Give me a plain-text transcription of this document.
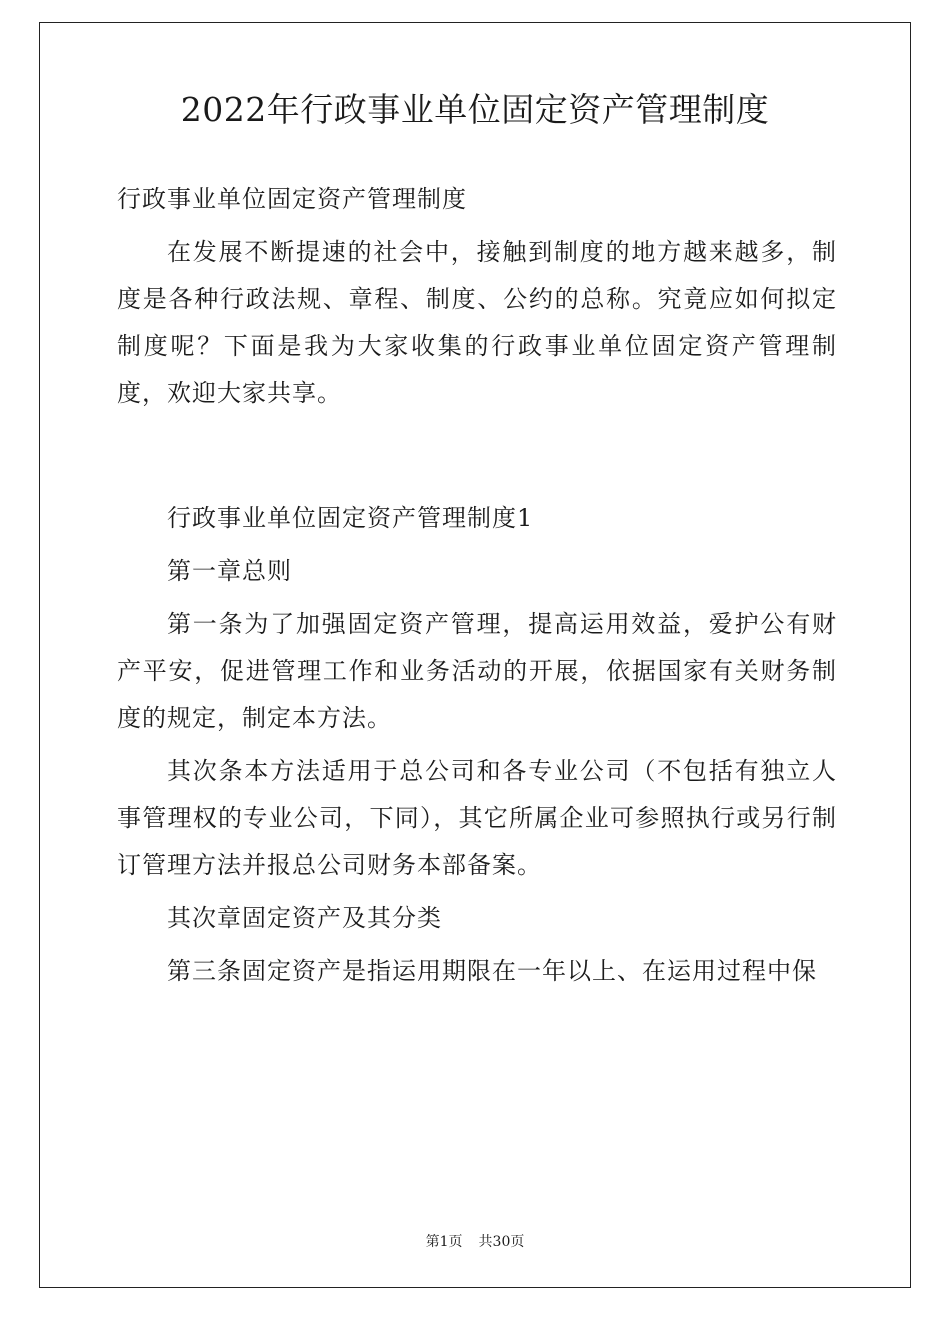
2022年行政事业单位固定资产管理制度

行政事业单位固定资产管理制度

在发展不断提速的社会中，接触到制度的地方越来越多，制度是各种行政法规、章程、制度、公约的总称。究竟应如何拟定制度呢？下面是我为大家收集的行政事业单位固定资产管理制度，欢迎大家共享。

行政事业单位固定资产管理制度1

第一章总则

第一条为了加强固定资产管理，提高运用效益，爱护公有财产平安，促进管理工作和业务活动的开展，依据国家有关财务制度的规定，制定本方法。

其次条本方法适用于总公司和各专业公司（不包括有独立人事管理权的专业公司，下同），其它所属企业可参照执行或另行制订管理方法并报总公司财务本部备案。

其次章固定资产及其分类

第三条固定资产是指运用期限在一年以上、在运用过程中保

第1页 共30页
